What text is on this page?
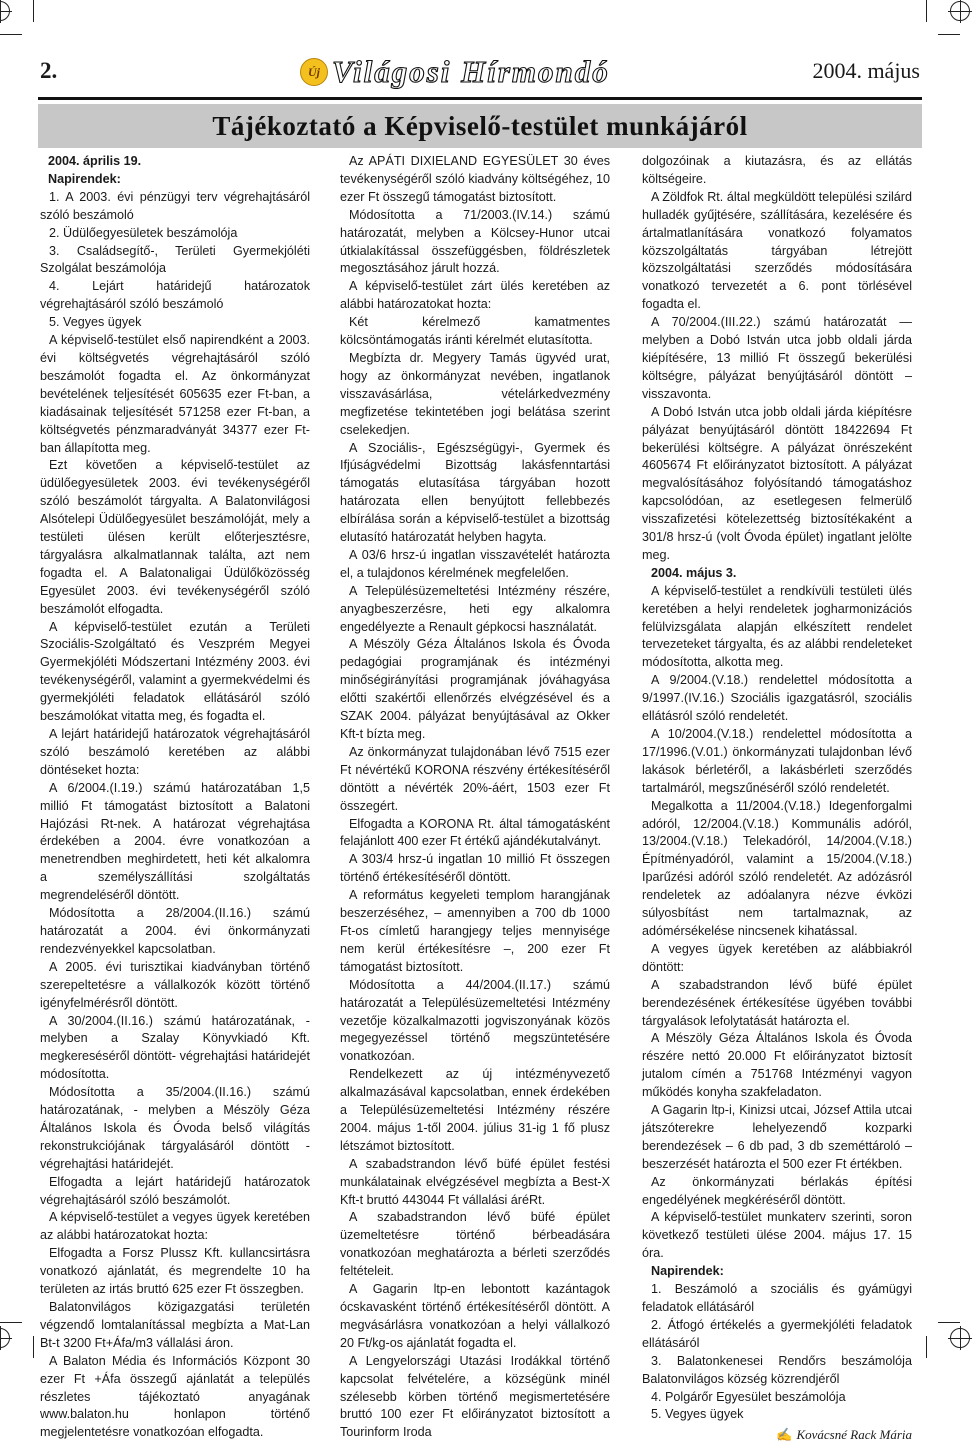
2.	Új Világosi Hírmondó	2004. május
Tájékoztató a Képviselő-testület munkájáról

2004. április 19.

Napirendek:

1. A 2003. évi pénzügyi terv végrehajtásáról szóló beszámoló

2. Üdülőegyesületek beszámolója

3. Családsegítő-, Területi Gyermekjóléti Szolgálat beszámolója

4. Lejárt határidejű határozatok végrehajtásáról szóló beszámoló

5. Vegyes ügyek

A képviselő-testület első napirendként a 2003. évi költségvetés végrehajtásáról szóló beszámolót fogadta el. Az önkormányzat bevételének teljesítését 605635 ezer Ft-ban, a kiadásainak teljesítését 571258 ezer Ft-ban, a költségvetés pénzmaradványát 34377 ezer Ft-ban állapította meg.

Ezt követően a képviselő-testület az üdülőegyesületek 2003. évi tevékenységéről szóló beszámolót tárgyalta. A Balatonvilágosi Alsótelepi Üdülőegyesület beszámolóját, mely a testületi ülésen került előterjesztésre, tárgyalásra alkalmatlannak találta, azt nem fogadta el. A Balatonaligai Üdülőközösség Egyesület 2003. évi tevékenységéről szóló beszámolót elfogadta.

A képviselő-testület ezután a Területi Szociális-Szolgáltató és Veszprém Megyei Gyermekjóléti Módszertani Intézmény 2003. évi tevékenységéről, valamint a gyermekvédelmi és gyermekjóléti feladatok ellátásáról szóló beszámolókat vitatta meg, és fogadta el.

A lejárt határidejű határozatok végrehajtásáról szóló beszámoló keretében az alábbi döntéseket hozta:

A 6/2004.(I.19.) számú határozatában 1,5 millió Ft támogatást biztosított a Balatoni Hajózási Rt-nek. A határozat végrehajtása érdekében a 2004. évre vonatkozóan a menetrendben meghirdetett, heti két alkalomra a személyszállítási szolgáltatás megrendeléséről döntött.

Módosította a 28/2004.(II.16.) számú határozatát a 2004. évi önkormányzati rendezvényekkel kapcsolatban.

A 2005. évi turisztikai kiadványban történő szerepeltetésre a vállalkozók között történő igényfelmérésről döntött.

A 30/2004.(II.16.) számú határozatának, - melyben a Szalay Könyvkiadó Kft. megkereséséről döntött- végrehajtási határidejét módosította.

Módosította a 35/2004.(II.16.) számú határozatának, - melyben a Mészöly Géza Általános Iskola és Óvoda belső világítás rekonstrukciójának tárgyalásáról döntött - végrehajtási határidejét.

Elfogadta a lejárt határidejű határozatok végrehajtásáról szóló beszámolót.

A képviselő-testület a vegyes ügyek keretében az alábbi határozatokat hozta:

Elfogadta a Forsz Plussz Kft. kullancsirtásra vonatkozó ajánlatát, és megrendelte 10 ha területen az irtás bruttó 625 ezer Ft összegben.

Balatonvilágos közigazgatási területén végzendő lomtalanítással megbízta a Mat-Lan Bt-t 3200 Ft+Áfa/m3 vállalási áron.

A Balaton Média és Információs Központ 30 ezer Ft +Áfa összegű ajánlatát a település részletes tájékoztató anyagának www.balaton.hu honlapon történő megjelentetésre vonatkozóan elfogadta.

Az APÁTI DIXIELAND EGYESÜLET 30 éves tevékenységéről szóló kiadvány költségéhez, 10 ezer Ft összegű támogatást biztosított.

Módosította a 71/2003.(IV.14.) számú határozatát, melyben a Kölcsey-Hunor utcai útkialakítással összefüggésben, földrészletek megosztásához járult hozzá.

A képviselő-testület zárt ülés keretében az alábbi határozatokat hozta:

Két kérelmező kamatmentes kölcsöntámogatás iránti kérelmét elutasította.

Megbízta dr. Megyery Tamás ügyvéd urat, hogy az önkormányzat nevében, ingatlanok visszavásárlása, vételárkedvezmény megfizetése tekintetében jogi belátása szerint cselekedjen.

A Szociális-, Egészségügyi-, Gyermek és Ifjúságvédelmi Bizottság lakásfenntartási támogatás elutasítása tárgyában hozott határozata ellen benyújtott fellebbezés elbírálása során a képviselő-testület a bizottság elutasító határozatát helyben hagyta.

A 03/6 hrsz-ú ingatlan visszavételét határozta el, a tulajdonos kérelmének megfelelően.

A Településüzemeltetési Intézmény részére, anyagbeszerzésre, heti egy alkalomra engedélyezte a Renault gépkocsi használatát.

A Mészöly Géza Általános Iskola és Óvoda pedagógiai programjának és intézményi minőségirányítási programjának jóváhagyása előtti szakértői ellenőrzés elvégzésével és a SZAK 2004. pályázat benyújtásával az Okker Kft-t bízta meg.

Az önkormányzat tulajdonában lévő 7515 ezer Ft névértékű KORONA részvény értékesítéséről döntött a névérték 20%-áért, 1503 ezer Ft összegért.

Elfogadta a KORONA Rt. által támogatásként felajánlott 400 ezer Ft értékű ajándékutalványt.

A 303/4 hrsz-ú ingatlan 10 millió Ft összegen történő értékesítéséről döntött.

A református kegyeleti templom harangjának beszerzéséhez, – amennyiben a 700 db 1000 Ft-os címletű harangjegy teljes mennyisége nem kerül értékesítésre –, 200 ezer Ft támogatást biztosított.

Módosította a 44/2004.(II.17.) számú határozatát a Településüzemeltetési Intézmény vezetője közalkalmazotti jogviszonyának közös megegyezéssel történő megszüntetésére vonatkozóan.

Rendelkezett az új intézményvezető alkalmazásával kapcsolatban, ennek érdekében a Településüzemeltetési Intézmény részére 2004. május 1-től 2004. július 31-ig 1 fő plusz létszámot biztosított.

A szabadstrandon lévő büfé épület festési munkálatainak elvégzésével megbízta a Best-X Kft-t bruttó 443044 Ft vállalási áréRt.

A szabadstrandon lévő büfé épület üzemeltetésre történő bérbeadására vonatkozóan meghatározta a bérleti szerződés feltételeit.

A Gagarin ltp-en lebontott kazántagok ócskavasként történő értékesítéséről döntött. A megvásárlásra vonatkozóan a helyi vállalkozó 20 Ft/kg-os ajánlatát fogadta el.

A Lengyelországi Utazási Irodákkal történő kapcsolat felvételére, a községünk minél szélesebb körben történő megismertetésére bruttó 100 ezer Ft előirányzatot biztosított a Tourinform Iroda

dolgozóinak a kiutazásra, és az ellátás költségeire.

A Zöldfok Rt. által megküldött települési szilárd hulladék gyűjtésére, szállítására, kezelésére és ártalmatlanítására vonatkozó folyamatos közszolgáltatás tárgyában létrejött közszolgáltatási szerződés módosítására vonatkozó tervezetét a 6. pont törlésével fogadta el.

A 70/2004.(III.22.) számú határozatát — melyben a Dobó István utca jobb oldali járda kiépítésére, 13 millió Ft összegű bekerülési költségre, pályázat benyújtásáról döntött – visszavonta.

A Dobó István utca jobb oldali járda kiépítésre pályázat benyújtásáról döntött 18422694 Ft bekerülési költségre. A pályázat önrészeként 4605674 Ft előirányzatot biztosított. A pályázat megvalósításához folyósítandó támogatáshoz kapcsolódóan, az esetlegesen felmerülő visszafizetési kötelezettség biztosítékaként a 301/8 hrsz-ú (volt Óvoda épület) ingatlant jelölte meg.

2004. május 3.

A képviselő-testület a rendkívüli testületi ülés keretében a helyi rendeletek jogharmonizációs felülvizsgálata alapján elkészített rendelet tervezeteket tárgyalta, és az alábbi rendeleteket módosította, alkotta meg.

A 9/2004.(V.18.) rendelettel módosította a 9/1997.(IV.16.) Szociális igazgatásról, szociális ellátásról szóló rendeletét.

A 10/2004.(V.18.) rendelettel módosította a 17/1996.(V.01.) önkormányzati tulajdonban lévő lakások bérletéről, a lakásbérleti szerződés tartalmáról, megszűnéséről szóló rendeletét.

Megalkotta a 11/2004.(V.18.) Idegenforgalmi adóról, 12/2004.(V.18.) Kommunális adóról, 13/2004.(V.18.) Telekadóról, 14/2004.(V.18.) Építményadóról, valamint a 15/2004.(V.18.) Iparűzési adóról szóló rendeletét. Az adózásról rendeletek az adóalanyra nézve évközi súlyosbítást nem tartalmaznak, az adómérsékelése nincsenek kihatással.

A vegyes ügyek keretében az alábbiakról döntött:

A szabadstrandon lévő büfé épület berendezésének értékesítése ügyében további tárgyalások lefolytatását határozta el.

A Mészöly Géza Általános Iskola és Óvoda részére nettó 20.000 Ft előirányzatot biztosít jutalom címén a 751768 Intézményi vagyon működés konyha szakfeladaton.

A Gagarin ltp-i, Kinizsi utcai, József Attila utcai játszóterekre lehelyezendő kozparki berendezések – 6 db pad, 3 db szeméttároló – beszerzését határozta el 500 ezer Ft értékben.

Az önkormányzati bérlakás építési engedélyének megkéréséről döntött.

A képviselő-testület munkaterv szerinti, soron következő testületi ülése 2004. május 17. 15 óra.

Napirendek:

1. Beszámoló a szociális és gyámügyi feladatok ellátásáról

2. Átfogó értékelés a gyermekjóléti feladatok ellátásáról

3. Balatonkenesei Rendőrs beszámolója Balatonvilágos község közrendjéről

4. Polgárőr Egyesület beszámolója

5. Vegyes ügyek

✍ Kovácsné Rack Mária
